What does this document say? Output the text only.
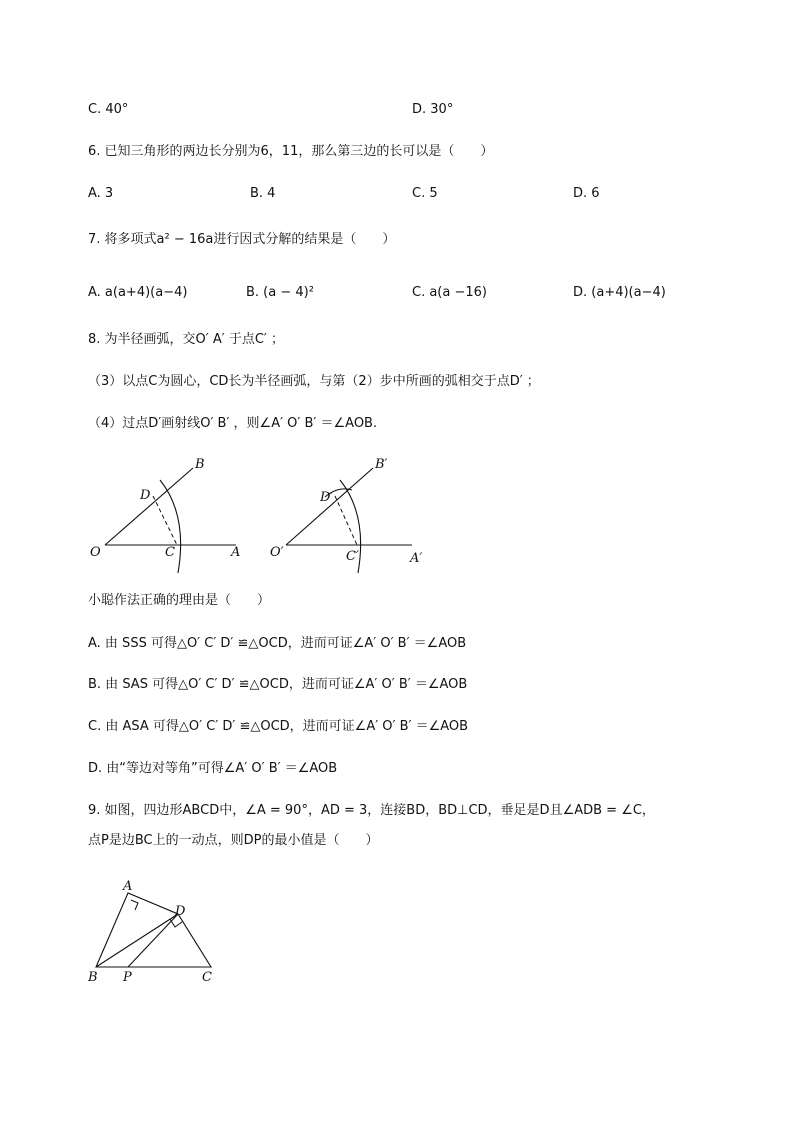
C. 40°	D. 30°
6. 已知三角形的两边长分别为6，11，那么第三边的长可以是（　　）
A. 3	B. 4	C. 5	D. 6
7. 将多项式a² − 16a进行因式分解的结果是（　　）
A. a(a+4)(a−4)	B. (a − 4)²	C. a(a −16)	D. (a+4)(a−4)
8. 为半径画弧，交O′ A′ 于点C′ ；
（3）以点C为圆心，CD长为半径画弧，与第（2）步中所画的弧相交于点D′ ；
（4）过点D′画射线O′ B′ ，则∠A′ O′ B′ ＝∠AOB.
B
D
O	C	A
B′
D′
O′	C′	A′
小聪作法正确的理由是（　　）
A. 由 SSS 可得△O′ C′ D′ ≌△OCD，进而可证∠A′ O′ B′ ＝∠AOB
B. 由 SAS 可得△O′ C′ D′ ≌△OCD，进而可证∠A′ O′ B′ ＝∠AOB
C. 由 ASA 可得△O′ C′ D′ ≌△OCD，进而可证∠A′ O′ B′ ＝∠AOB
D. 由“等边对等角”可得∠A′ O′ B′ ＝∠AOB
9. 如图，四边形ABCD中，∠A = 90°，AD = 3，连接BD，BD⊥CD，垂足是D且∠ADB = ∠C，
点P是边BC上的一动点，则DP的最小值是（　　）
A
D
B P	C
